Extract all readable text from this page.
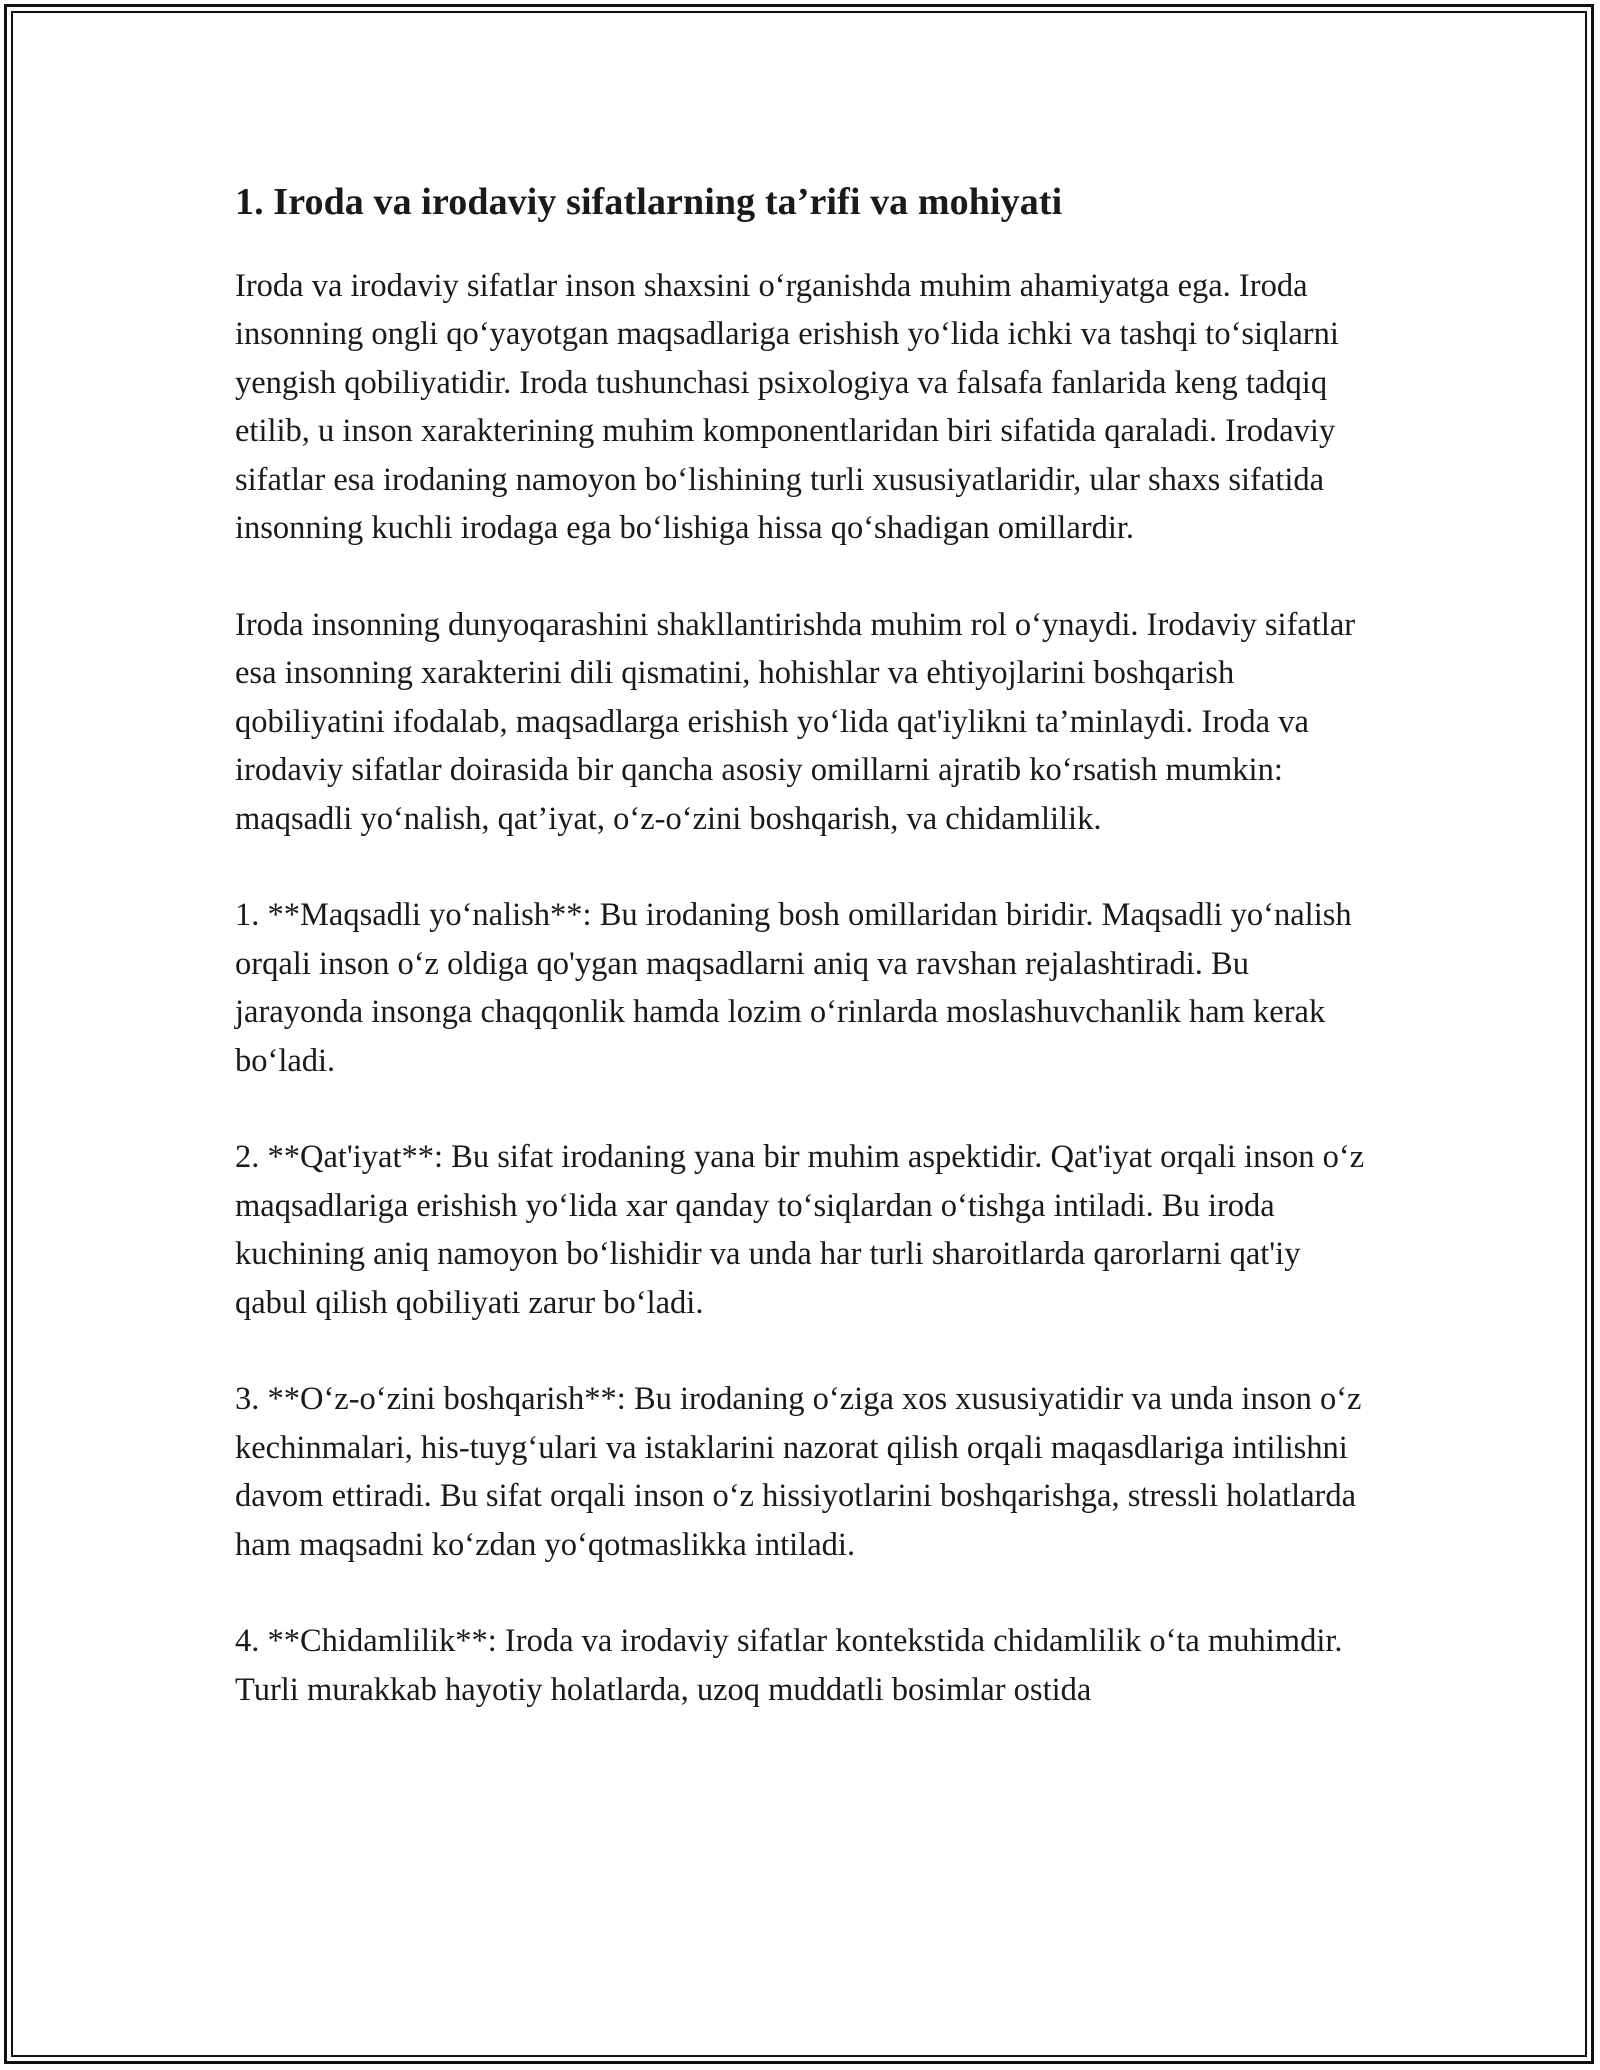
1. Iroda va irodaviy sifatlarning ta’rifi va mohiyati

Iroda va irodaviy sifatlar inson shaxsini o‘rganishda muhim ahamiyatga ega. Iroda insonning ongli qo‘yayotgan maqsadlariga erishish yo‘lida ichki va tashqi to‘siqlarni yengish qobiliyatidir. Iroda tushunchasi psixologiya va falsafa fanlarida keng tadqiq etilib, u inson xarakterining muhim komponentlaridan biri sifatida qaraladi. Irodaviy sifatlar esa irodaning namoyon bo‘lishining turli xususiyatlaridir, ular shaxs sifatida insonning kuchli irodaga ega bo‘lishiga hissa qo‘shadigan omillardir.

Iroda insonning dunyoqarashini shakllantirishda muhim rol o‘ynaydi. Irodaviy sifatlar esa insonning xarakterini dili qismatini, hohishlar va ehtiyojlarini boshqarish qobiliyatini ifodalab, maqsadlarga erishish yo‘lida qat'iylikni ta’minlaydi. Iroda va irodaviy sifatlar doirasida bir qancha asosiy omillarni ajratib ko‘rsatish mumkin: maqsadli yo‘nalish, qat’iyat, o‘z-o‘zini boshqarish, va chidamlilik.

1. **Maqsadli yo‘nalish**: Bu irodaning bosh omillaridan biridir. Maqsadli yo‘nalish orqali inson o‘z oldiga qo'ygan maqsadlarni aniq va ravshan rejalashtiradi. Bu jarayonda insonga chaqqonlik hamda lozim o‘rinlarda moslashuvchanlik ham kerak bo‘ladi.

2. **Qat'iyat**: Bu sifat irodaning yana bir muhim aspektidir. Qat'iyat orqali inson o‘z maqsadlariga erishish yo‘lida xar qanday to‘siqlardan o‘tishga intiladi. Bu iroda kuchining aniq namoyon bo‘lishidir va unda har turli sharoitlarda qarorlarni qat'iy qabul qilish qobiliyati zarur bo‘ladi.

3. **O‘z-o‘zini boshqarish**: Bu irodaning o‘ziga xos xususiyatidir va unda inson o‘z kechinmalari, his-tuyg‘ulari va istaklarini nazorat qilish orqali maqasdlariga intilishni davom ettiradi. Bu sifat orqali inson o‘z hissiyotlarini boshqarishga, stressli holatlarda ham maqsadni ko‘zdan yo‘qotmaslikka intiladi.

4. **Chidamlilik**: Iroda va irodaviy sifatlar kontekstida chidamlilik o‘ta muhimdir. Turli murakkab hayotiy holatlarda, uzoq muddatli bosimlar ostida
